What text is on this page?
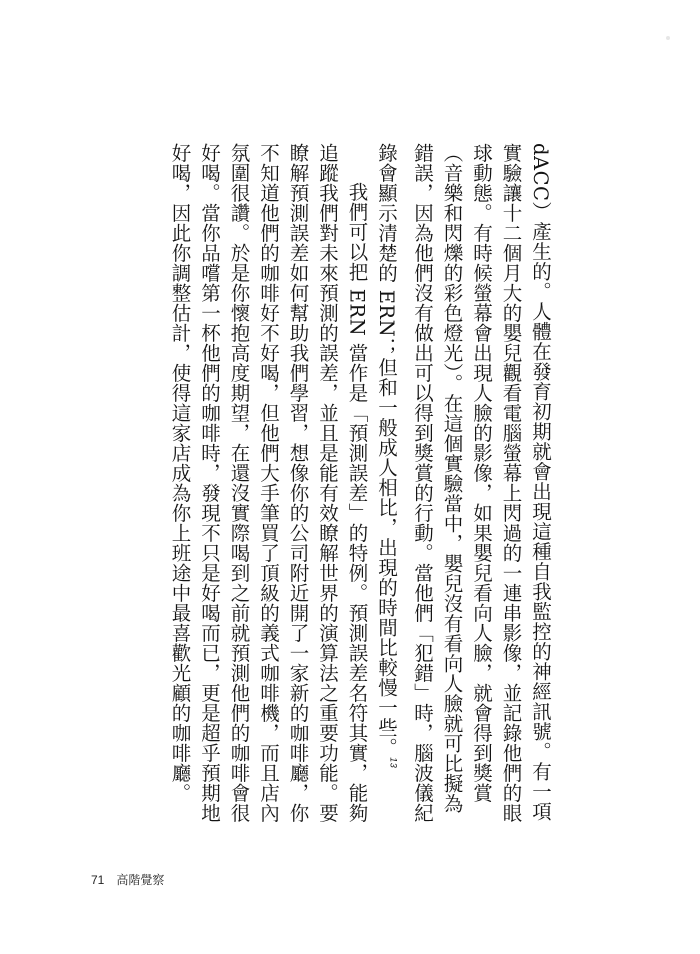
dACC）產生的。人體在發育初期就會出現這種自我監控的神經訊號。有一項實驗讓十二個月大的嬰兒觀看電腦螢幕上閃過的一連串影像，並記錄他們的眼球動態。有時候螢幕會出現人臉的影像，如果嬰兒看向人臉，就會得到獎賞（音樂和閃爍的彩色燈光）。在這個實驗當中，嬰兒沒有看向人臉就可比擬為錯誤，因為他們沒有做出可以得到獎賞的行動。當他們「犯錯」時，腦波儀紀錄會顯示清楚的 ERN；但和一般成人相比，出現的時間比較慢一些。$^{13}$

我們可以把 ERN 當作是「預測誤差」的特例。預測誤差名符其實，能夠追蹤我們對未來預測的誤差，並且是能有效瞭解世界的演算法之重要功能。要瞭解預測誤差如何幫助我們學習，想像你的公司附近開了一家新的咖啡廳，你不知道他們的咖啡好不好喝，但他們大手筆買了頂級的義式咖啡機，而且店內氛圍很讚。於是你懷抱高度期望，在還沒實際喝到之前就預測他們的咖啡會很好喝。當你品嚐第一杯他們的咖啡時，發現不只是好喝而已，更是超乎預期地好喝，因此你調整估計，使得這家店成為你上班途中最喜歡光顧的咖啡廳。

71 高階覺察
